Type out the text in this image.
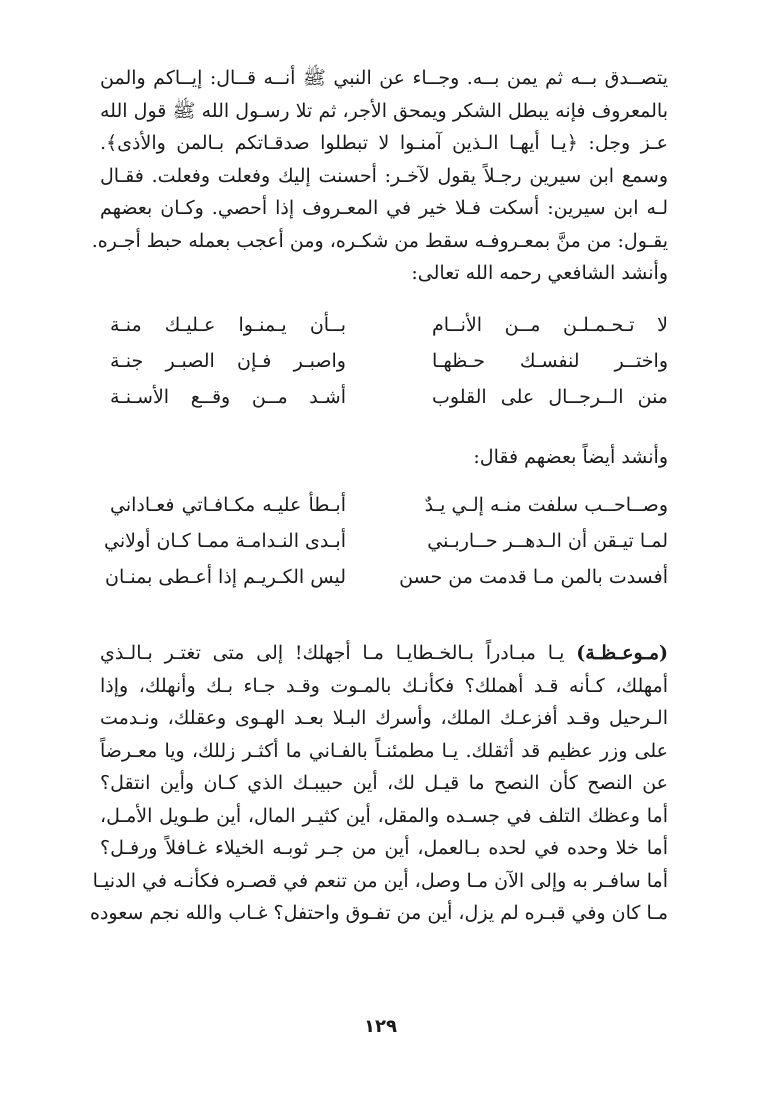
يتصــدق بــه ثم يمن بــه. وجــاء عن النبي ﷺ أنــه قــال: إيــاكم والمن
بالمعروف فإنه يبطل الشكر ويمحق الأجر، ثم تلا رسـول الله ﷺ قول الله
عـز وجل: ﴿يـا أيهـا الـذين آمنـوا لا تبطلوا صدقـاتكم بـالمن والأذى﴾.
وسمع ابن سيرين رجـلاً يقول لآخـر: أحسنت إليك وفعلت وفعلت. فقـال
لـه ابن سيرين: أسكت فـلا خير في المعـروف إذا أحصي. وكـان بعضهم
يقـول: من منَّ بمعـروفـه سقط من شكـره، ومن أعجب بعمله حبط أجـره.

وأنشد الشافعي رحمه الله تعالى:

لا تـحـمـلـن مــن الأنــام
بــأن يـمنـوا عـليـك منـة
واختــر لنفسـك حـظهـا
واصبـر فـإن الصبـر جنـة
منن الــرجــال على القلوب
أشـد مــن وقــع الأسـنـة

وأنشد أيضاً بعضهم فقال:

وصــاحــب سلفت منـه إلـي يـدٌ
أبـطأ عليـه مكـافـاتي فعـاداني
لمـا تيـقن أن الـدهــر حــاربـني
أبـدى النـدامـة ممـا كـان أولاني
أفسدت بالمن مـا قدمت من حسن
ليس الكـريـم إذا أعـطى بمنـان
(مـوعـظـة) يـا مبـادراً بـالخـطايـا مـا أجهلك! إلى متى تغتـر بـالـذي
أمهلك، كـأنه قـد أهملك؟ فكأنـك بالمـوت وقـد جـاء بـك وأنهلك، وإذا
الـرحيل وقـد أفزعـك الملك، وأسرك البـلا بعـد الهـوى وعقلك، ونـدمت
على وزر عظيم قد أثقلك. يـا مطمئنـاً بالفـاني ما أكثـر زللك، ويا معـرضاً
عن النصح كأن النصح ما قيـل لك، أين حبيبـك الذي كـان وأين انتقل؟
أما وعظك التلف في جسـده والمقل، أين كثيـر المال، أين طـويل الأمـل،
أما خلا وحده في لحده بـالعمل، أين من جـر ثوبـه الخيلاء غـافلاً ورفـل؟
أما سافـر به وإلى الآن مـا وصل، أين من تنعم في قصـره فكأنـه في الدنيـا
مـا كان وفي قبـره لم يزل، أين من تفـوق واحتفل؟ غـاب والله نجم سعوده
١٢٩
